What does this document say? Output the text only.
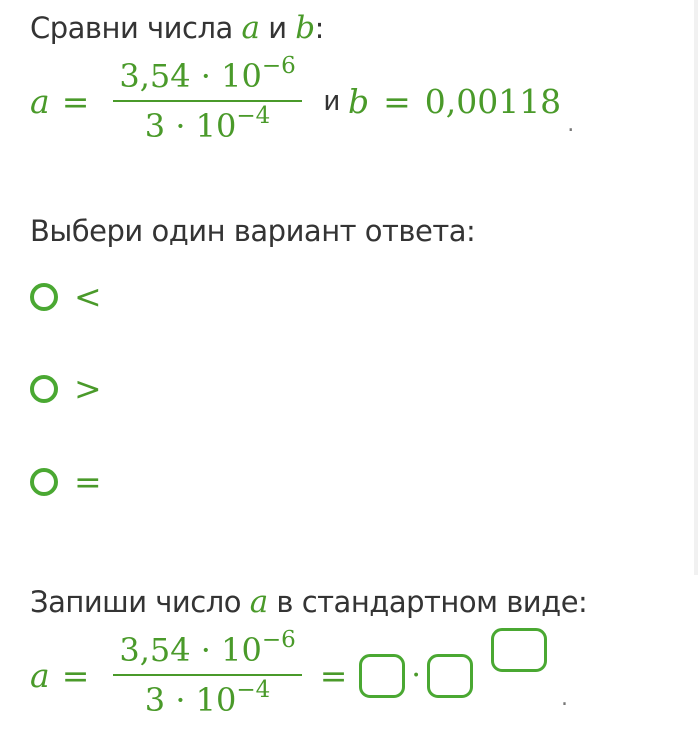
Сравни числа a и b:
$a = \frac{3,54 \cdot 10^{-6}}{3 \cdot 10^{-4}}$ и b = 0,00118
.
Выбери один вариант ответа:
<
>
=
Запиши число a в стандартном виде:
$a = \frac{3,54 \cdot 10^{-6}}{3 \cdot 10^{-4}}$ = ·
.
